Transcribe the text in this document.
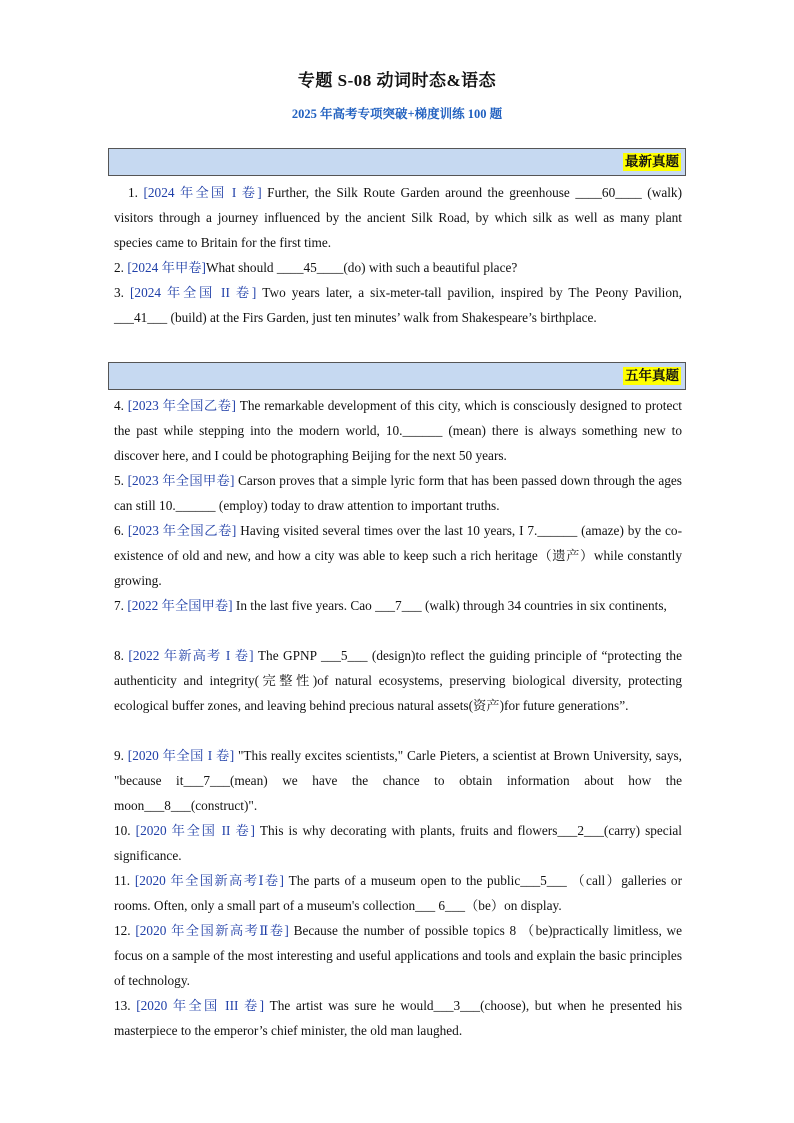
专题 S-08 动词时态&语态
2025 年高考专项突破+梯度训练 100 题
最新真题

1. [2024 年全国 I 卷] Further, the Silk Route Garden around the greenhouse ____60____ (walk) visitors through a journey influenced by the ancient Silk Road, by which silk as well as many plant species came to Britain for the first time.

2. [2024 年甲卷]What should ____45____(do) with such a beautiful place?

3. [2024 年全国 II 卷] Two years later, a six-meter-tall pavilion, inspired by The Peony Pavilion, ___41___ (build) at the Firs Garden, just ten minutes’ walk from Shakespeare’s birthplace.

五年真题

4. [2023 年全国乙卷] The remarkable development of this city, which is consciously designed to protect the past while stepping into the modern world, 10.______ (mean) there is always something new to discover here, and I could be photographing Beijing for the next 50 years.

5. [2023 年全国甲卷] Carson proves that a simple lyric form that has been passed down through the ages can still 10.______ (employ) today to draw attention to important truths.

6. [2023 年全国乙卷] Having visited several times over the last 10 years, I 7.______ (amaze) by the co-existence of old and new, and how a city was able to keep such a rich heritage（遗产）while constantly growing.

7. [2022 年全国甲卷] In the last five years. Cao ___7___ (walk) through 34 countries in six continents,

8. [2022 年新高考 I 卷] The GPNP ___5___ (design)to reflect the guiding principle of “protecting the authenticity and integrity(完整性)of natural ecosystems, preserving biological diversity, protecting ecological buffer zones, and leaving behind precious natural assets(资产)for future generations”.

9. [2020 年全国 I 卷] "This really excites scientists," Carle Pieters, a scientist at Brown University, says, "because it___7___(mean) we have the chance to obtain information about how the moon___8___(construct)".

10. [2020 年全国 II 卷] This is why decorating with plants, fruits and flowers___2___(carry) special significance.

11. [2020 年全国新高考Ⅰ卷] The parts of a museum open to the public___5___ （call）galleries or rooms. Often, only a small part of a museum's collection___ 6___（be）on display.

12. [2020 年全国新高考Ⅱ卷] Because the number of possible topics 8 （be)practically limitless, we focus on a sample of the most interesting and useful applications and tools and explain the basic principles of technology.

13. [2020 年全国 III 卷] The artist was sure he would___3___(choose), but when he presented his masterpiece to the emperor’s chief minister, the old man laughed.
